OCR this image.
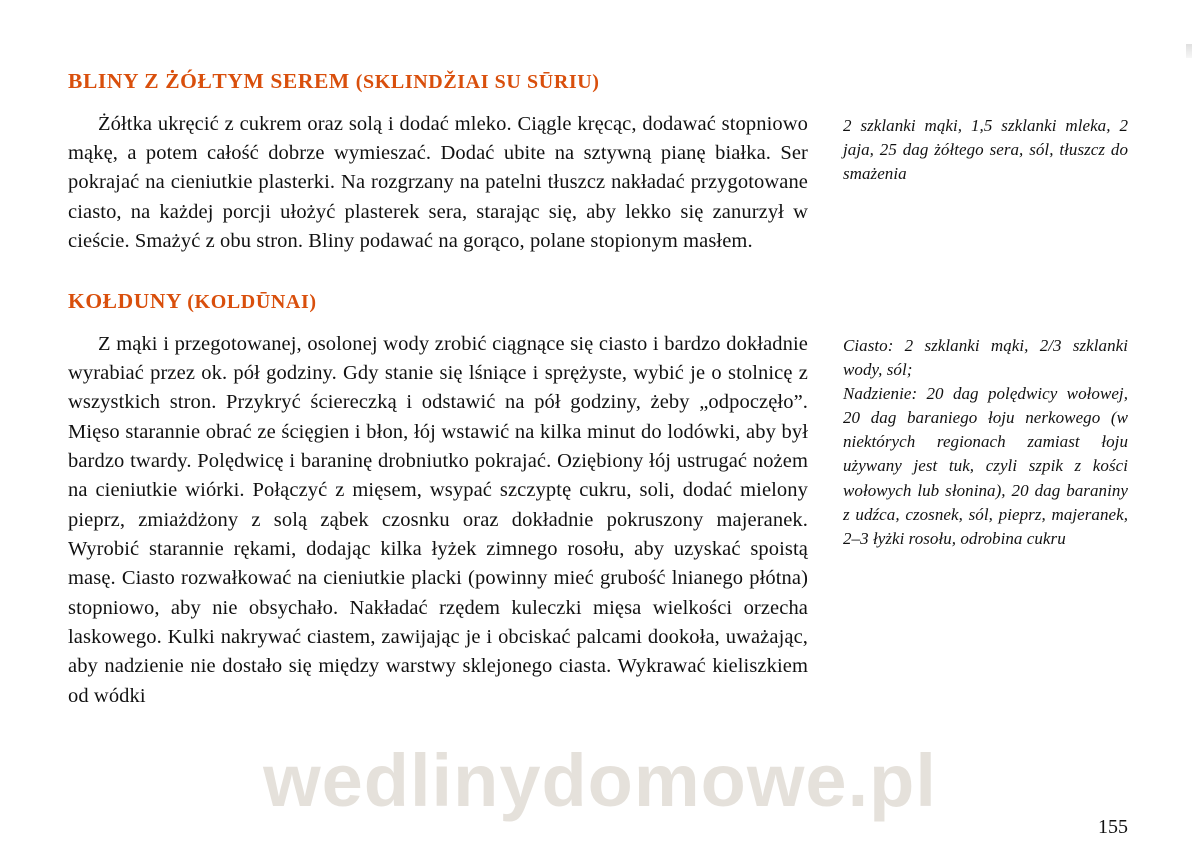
BLINY Z ŻÓŁTYM SEREM (SKLINDŽIAI SU SŪRIU)

2 szklanki mąki, 1,5 szklanki mleka, 2 jaja, 25 dag żółtego sera, sól, tłuszcz do smażenia

Żółtka ukręcić z cukrem oraz solą i dodać mleko. Ciągle kręcąc, dodawać stopniowo mąkę, a potem całość dobrze wymieszać. Dodać ubite na sztywną pianę białka. Ser pokrajać na cieniutkie plasterki. Na rozgrzany na patelni tłuszcz nakładać przygotowane ciasto, na każdej porcji ułożyć plasterek sera, starając się, aby lekko się zanurzył w cieście. Smażyć z obu stron. Bliny podawać na gorąco, polane stopionym masłem.

KOŁDUNY (KOLDŪNAI)

Ciasto: 2 szklanki mąki, 2/3 szklanki wody, sól;
Nadzienie: 20 dag polędwicy wołowej, 20 dag baraniego łoju nerkowego (w niektórych regionach zamiast łoju używany jest tuk, czyli szpik z kości wołowych lub słonina), 20 dag baraniny z udźca, czosnek, sól, pieprz, majeranek, 2–3 łyżki rosołu, odrobina cukru

Z mąki i przegotowanej, osolonej wody zrobić ciągnące się ciasto i bardzo dokładnie wyrabiać przez ok. pół godziny. Gdy stanie się lśniące i sprężyste, wybić je o stolnicę z wszystkich stron. Przykryć ściereczką i odstawić na pół godziny, żeby „odpoczęło”. Mięso starannie obrać ze ścięgien i błon, łój wstawić na kilka minut do lodówki, aby był bardzo twardy. Polędwicę i baraninę drobniutko pokrajać. Oziębiony łój ustrugać nożem na cieniutkie wiórki. Połączyć z mięsem, wsypać szczyptę cukru, soli, dodać mielony pieprz, zmiażdżony z solą ząbek czosnku oraz dokładnie pokruszony majeranek. Wyrobić starannie rękami, dodając kilka łyżek zimnego rosołu, aby uzyskać spoistą masę. Ciasto rozwałkować na cieniutkie placki (powinny mieć grubość lnianego płótna) stopniowo, aby nie obsychało. Nakładać rzędem kuleczki mięsa wielkości orzecha laskowego. Kulki nakrywać ciastem, zawijając je i obciskać palcami dookoła, uważając, aby nadzienie nie dostało się między warstwy sklejonego ciasta. Wykrawać kieliszkiem od wódki

wedlinydomowe.pl
155
